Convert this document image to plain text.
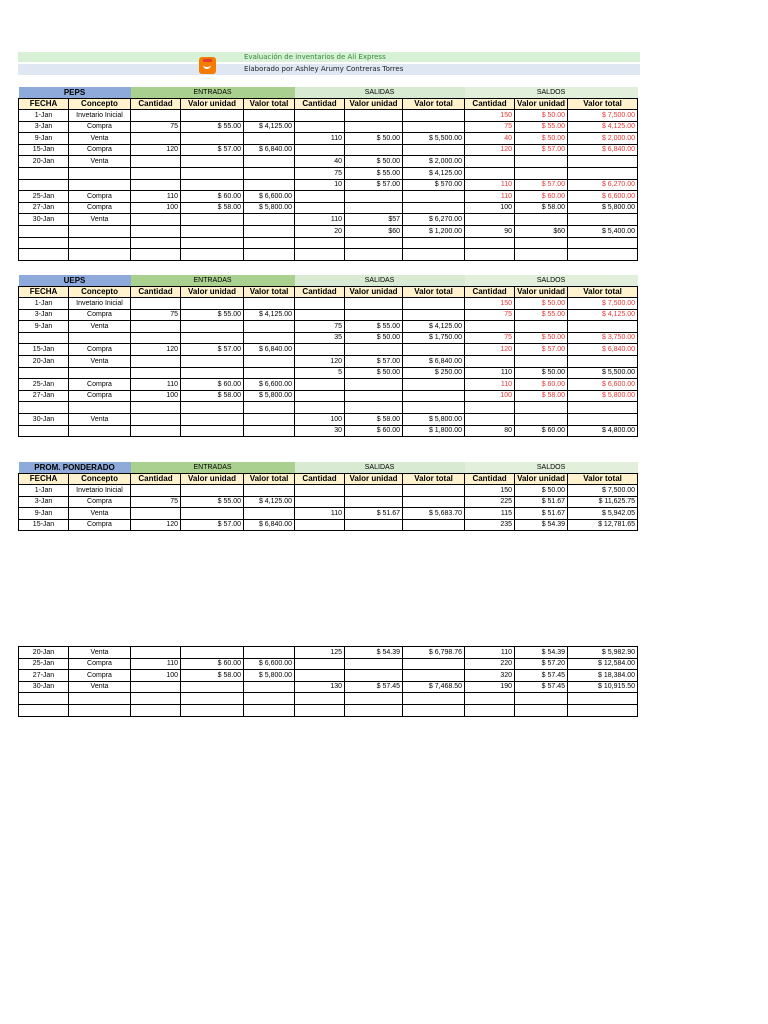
Evaluación de inventarios de Ali Express
Elaborado por Ashley Arumy Contreras Torres
PEPS		ENTRADAS			SALIDAS			SALDOS		
FECHA	Concepto	Cantidad	Valor unidad	Valor total	Cantidad	Valor unidad	Valor total	Cantidad	Valor unidad	Valor total
1-Jan	Invetario Inicial							150	$ 50.00	$ 7,500.00
3-Jan	Compra	75	$ 55.00	$ 4,125.00				75	$ 55.00	$ 4,125.00
9-Jan	Venta				110	$ 50.00	$ 5,500.00	40	$ 50.00	$ 2,000.00
15-Jan	Compra	120	$ 57.00	$ 6,840.00				120	$ 57.00	$ 6,840.00
20-Jan	Venta				40	$ 50.00	$ 2,000.00			
					75	$ 55.00	$ 4,125.00			
					10	$ 57.00	$ 570.00	110	$ 57.00	$ 6,270.00
25-Jan	Compra	110	$ 60.00	$ 6,600.00				110	$ 60.00	$ 6,600.00
27-Jan	Compra	100	$ 58.00	$ 5,800.00				100	$ 58.00	$ 5,800.00
30-Jan	Venta				110	$57	$ 6,270.00			
					20	$60	$ 1,200.00	90	$60	$ 5,400.00

UEPS		ENTRADAS			SALIDAS			SALDOS		
FECHA	Concepto	Cantidad	Valor unidad	Valor total	Cantidad	Valor unidad	Valor total	Cantidad	Valor unidad	Valor total
1-Jan	Invetario Inicial							150	$ 50.00	$ 7,500.00
3-Jan	Compra	75	$ 55.00	$ 4,125.00				75	$ 55.00	$ 4,125.00
9-Jan	Venta				75	$ 55.00	$ 4,125.00			
					35	$ 50.00	$ 1,750.00	75	$ 50.00	$ 3,750.00
15-Jan	Compra	120	$ 57.00	$ 6,840.00				120	$ 57.00	$ 6,840.00
20-Jan	Venta				120	$ 57.00	$ 6,840.00			
					5	$ 50.00	$ 250.00	110	$ 50.00	$ 5,500.00
25-Jan	Compra	110	$ 60.00	$ 6,600.00				110	$ 60.00	$ 6,600.00
27-Jan	Compra	100	$ 58.00	$ 5,800.00				100	$ 58.00	$ 5,800.00

30-Jan	Venta				100	$ 58.00	$ 5,800.00			
					30	$ 60.00	$ 1,800.00	80	$ 60.00	$ 4,800.00
PROM. PONDERADO		ENTRADAS			SALIDAS			SALDOS		
FECHA	Concepto	Cantidad	Valor unidad	Valor total	Cantidad	Valor unidad	Valor total	Cantidad	Valor unidad	Valor total
1-Jan	Invetario Inicial							150	$ 50.00	$ 7,500.00
3-Jan	Compra	75	$ 55.00	$ 4,125.00				225	$ 51.67	$ 11,625.75
9-Jan	Venta				110	$ 51.67	$ 5,683.70	115	$ 51.67	$ 5,942.05
15-Jan	Compra	120	$ 57.00	$ 6,840.00				235	$ 54.39	$ 12,781.65
20-Jan	Venta				125	$ 54.39	$ 6,798.76	110	$ 54.39	$ 5,982.90
25-Jan	Compra	110	$ 60.00	$ 6,600.00				220	$ 57.20	$ 12,584.00
27-Jan	Compra	100	$ 58.00	$ 5,800.00				320	$ 57.45	$ 18,384.00
30-Jan	Venta				130	$ 57.45	$ 7,468.50	190	$ 57.45	$ 10,915.50
